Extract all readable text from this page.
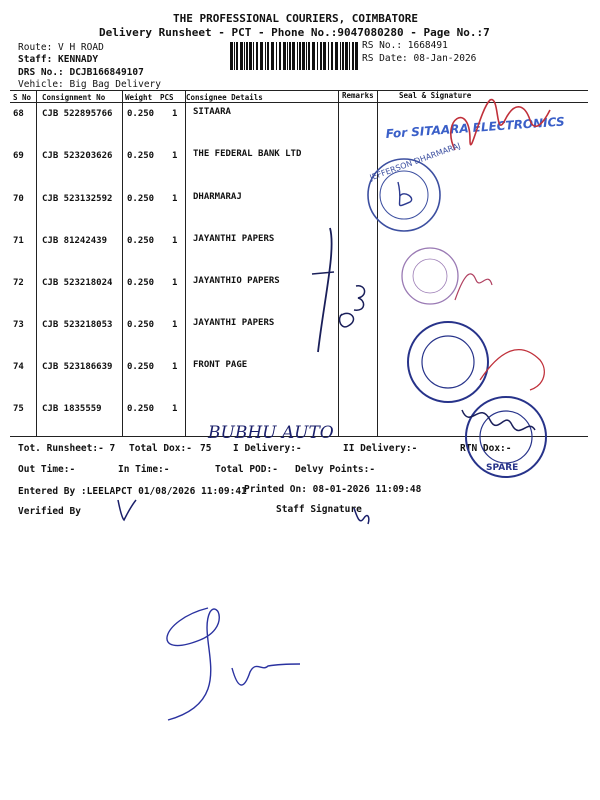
THE PROFESSIONAL COURIERS, COIMBATORE
Delivery Runsheet - PCT - Phone No.:9047080280 - Page No.:7
Route: V H ROAD
Staff: KENNADY
DRS No.: DCJB166849107
Vehicle: Big Bag Delivery
RS No.: 1668491
RS Date: 08-Jan-2026
S No Consignment No	Weight PCS Consignee Details	Remarks	Seal & Signature
68 CJB 522895766 0.250 1 SITAARA
69 CJB 523203626 0.250 1 THE FEDERAL BANK LTD
70 CJB 523132592 0.250 1 DHARMARAJ
71 CJB 81242439 0.250 1 JAYANTHI PAPERS
72 CJB 523218024 0.250 1 JAYANTHIO PAPERS
73 CJB 523218053 0.250 1 JAYANTHI PAPERS
74 CJB 523186639 0.250 1 FRONT PAGE
75 CJB 1835559	0.250 1
Tot. Runsheet:- 7 Total Dox:- 75 I Delivery:-	II Delivery:-	RTN Dox:-
Out Time:-	In Time:-	Total POD:- Delvy Points:-
Entered By :LEELAPCT 01/08/2026 11:09:41
Printed On: 08-01-2026 11:09:48
Verified By	Staff Signature
For SITAARA ELECTRONICS
JEFFERSON DHARMARAJ
SPARE
BUBHU AUTO
